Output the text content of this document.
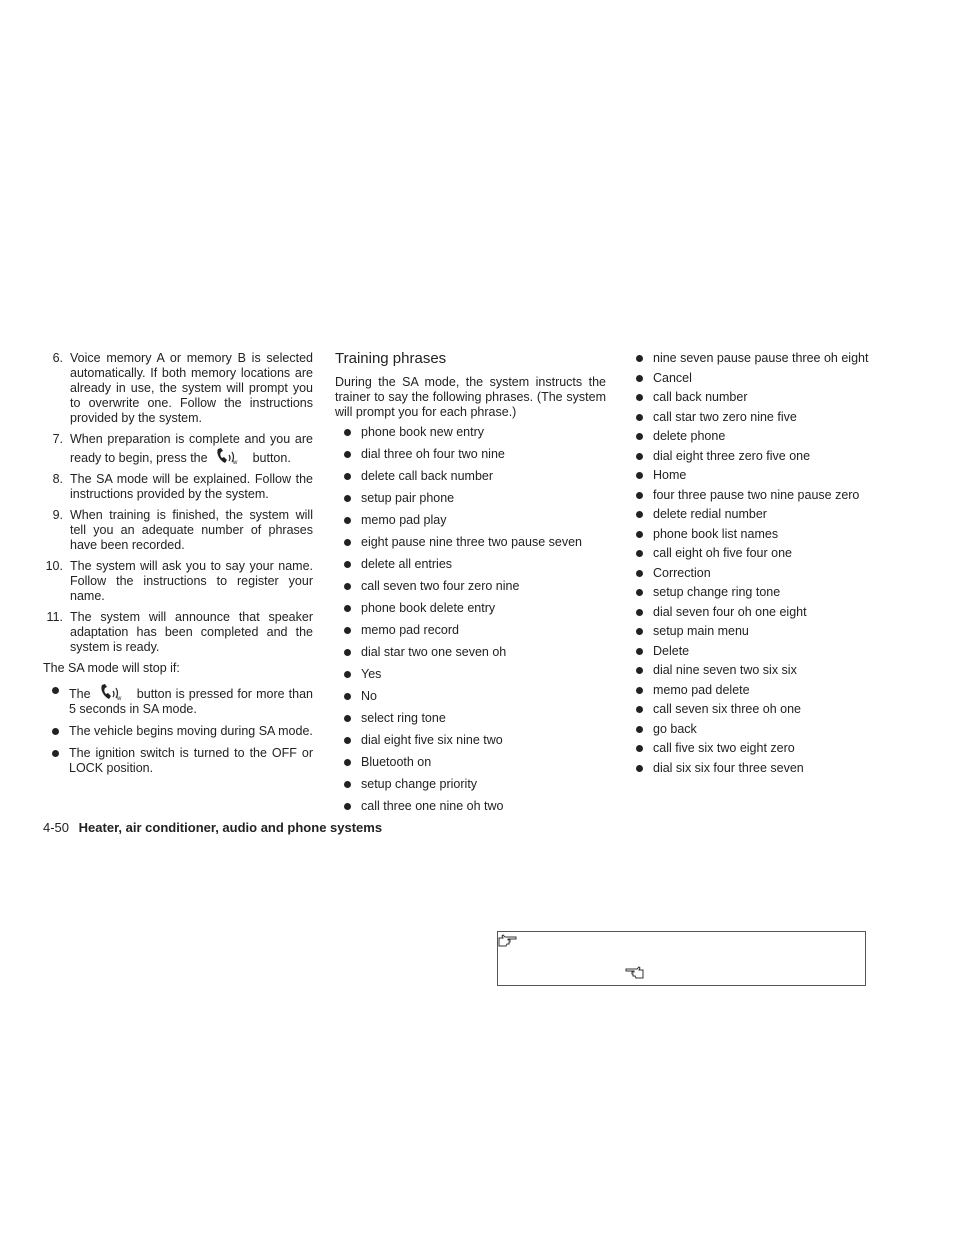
6. Voice memory A or memory B is selected automatically. If both memory locations are already in use, the system will prompt you to overwrite one. Follow the instructions provided by the system.
7. When preparation is complete and you are ready to begin, press the	w button.
8. The SA mode will be explained. Follow the instructions provided by the system.
9. When training is finished, the system will tell you an adequate number of phrases have been recorded.
10. The system will ask you to say your name. Follow the instructions to register your name.
11. The system will announce that speaker adaptation has been completed and the system is ready.
The SA mode will stop if:
The	w button is pressed for more than 5 seconds in SA mode.
The vehicle begins moving during SA mode.
The ignition switch is turned to the OFF or LOCK position.
Training phrases
During the SA mode, the system instructs the trainer to say the following phrases. (The system will prompt you for each phrase.)
phone book new entry
dial three oh four two nine
delete call back number
setup pair phone
memo pad play
eight pause nine three two pause seven
delete all entries
call seven two four zero nine
phone book delete entry
memo pad record
dial star two one seven oh
Yes
No
select ring tone
dial eight five six nine two
Bluetooth on
setup change priority
call three one nine oh two
nine seven pause pause three oh eight
Cancel
call back number
call star two zero nine five
delete phone
dial eight three zero five one
Home
four three pause two nine pause zero
delete redial number
phone book list names
call eight oh five four one
Correction
setup change ring tone
dial seven four oh one eight
setup main menu
Delete
dial nine seven two six six
memo pad delete
call seven six three oh one
go back
call five six two eight zero
dial six six four three seven
4-50 Heater, air conditioner, audio and phone systems
